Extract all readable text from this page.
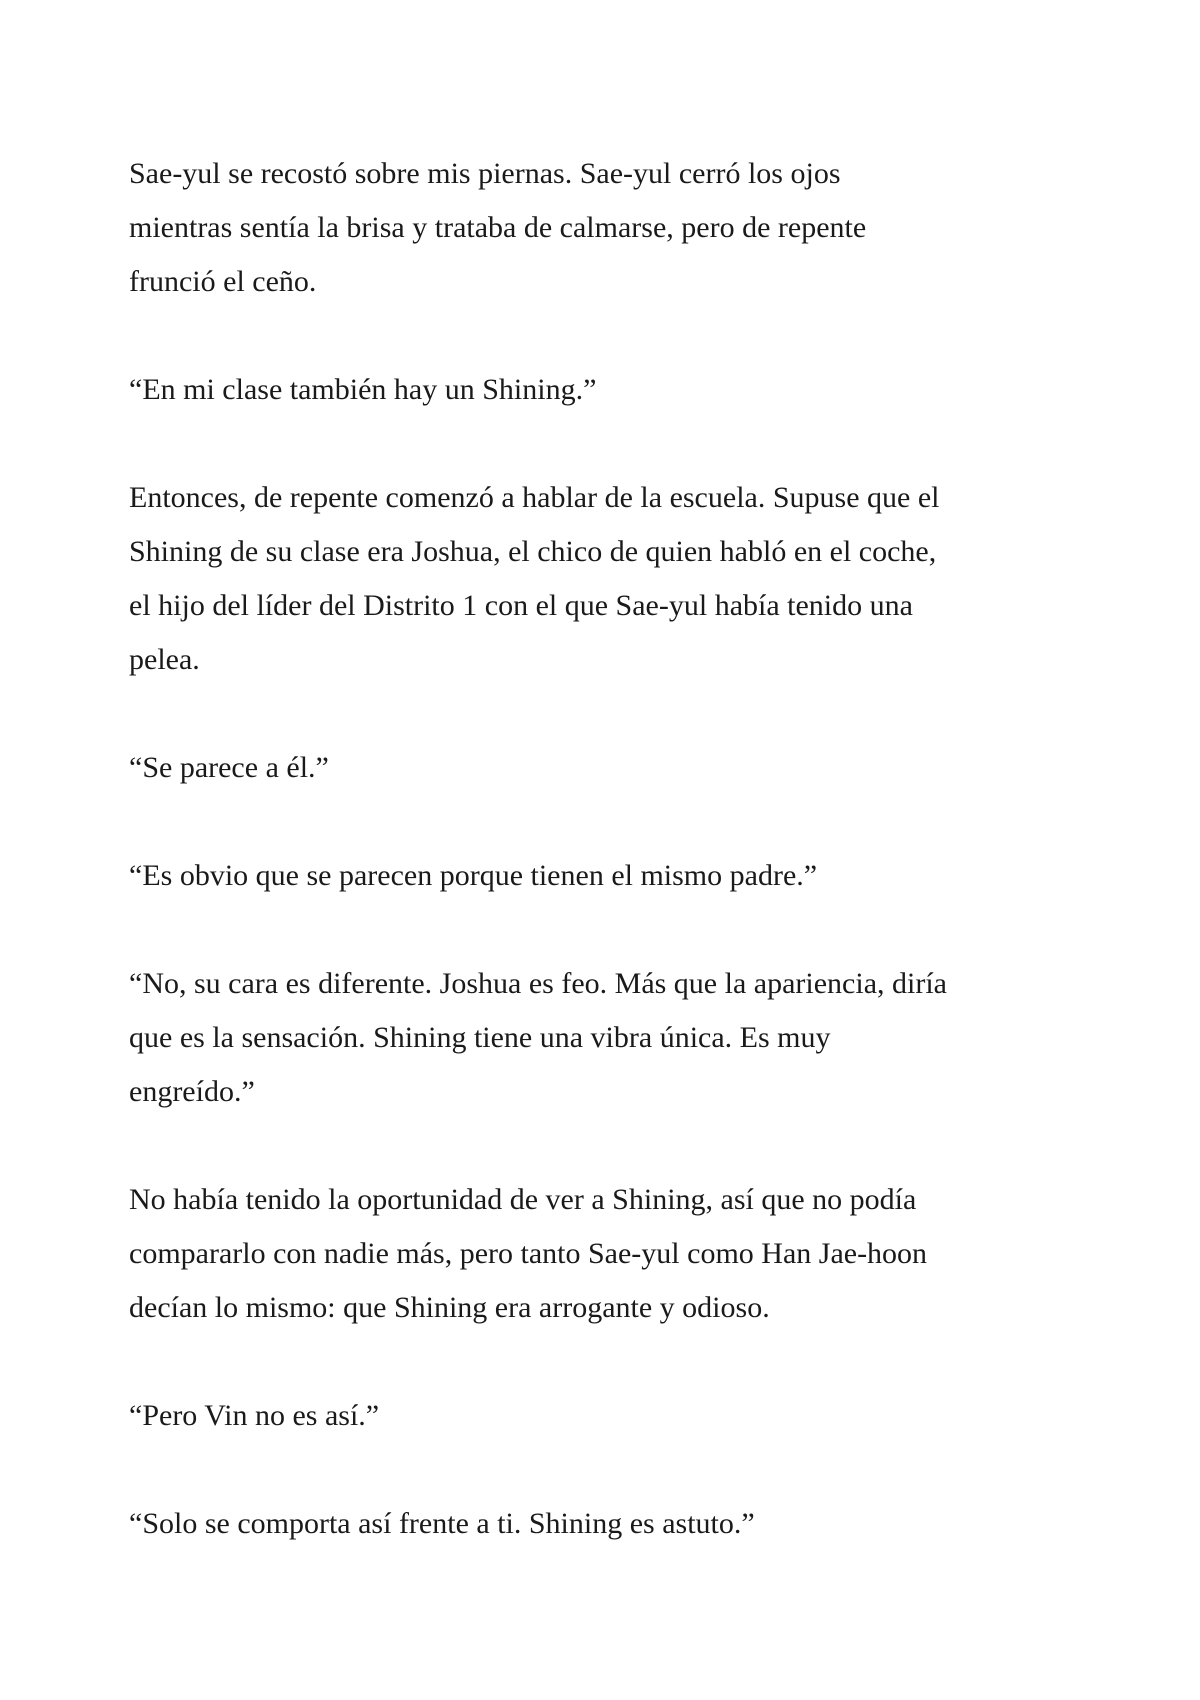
Sae-yul se recostó sobre mis piernas. Sae-yul cerró los ojos
mientras sentía la brisa y trataba de calmarse, pero de repente
frunció el ceño.

“En mi clase también hay un Shining.”

Entonces, de repente comenzó a hablar de la escuela. Supuse que el
Shining de su clase era Joshua, el chico de quien habló en el coche,
el hijo del líder del Distrito 1 con el que Sae-yul había tenido una
pelea.

“Se parece a él.”

“Es obvio que se parecen porque tienen el mismo padre.”

“No, su cara es diferente. Joshua es feo. Más que la apariencia, diría
que es la sensación. Shining tiene una vibra única. Es muy
engreído.”

No había tenido la oportunidad de ver a Shining, así que no podía
compararlo con nadie más, pero tanto Sae-yul como Han Jae-hoon
decían lo mismo: que Shining era arrogante y odioso.

“Pero Vin no es así.”

“Solo se comporta así frente a ti. Shining es astuto.”
